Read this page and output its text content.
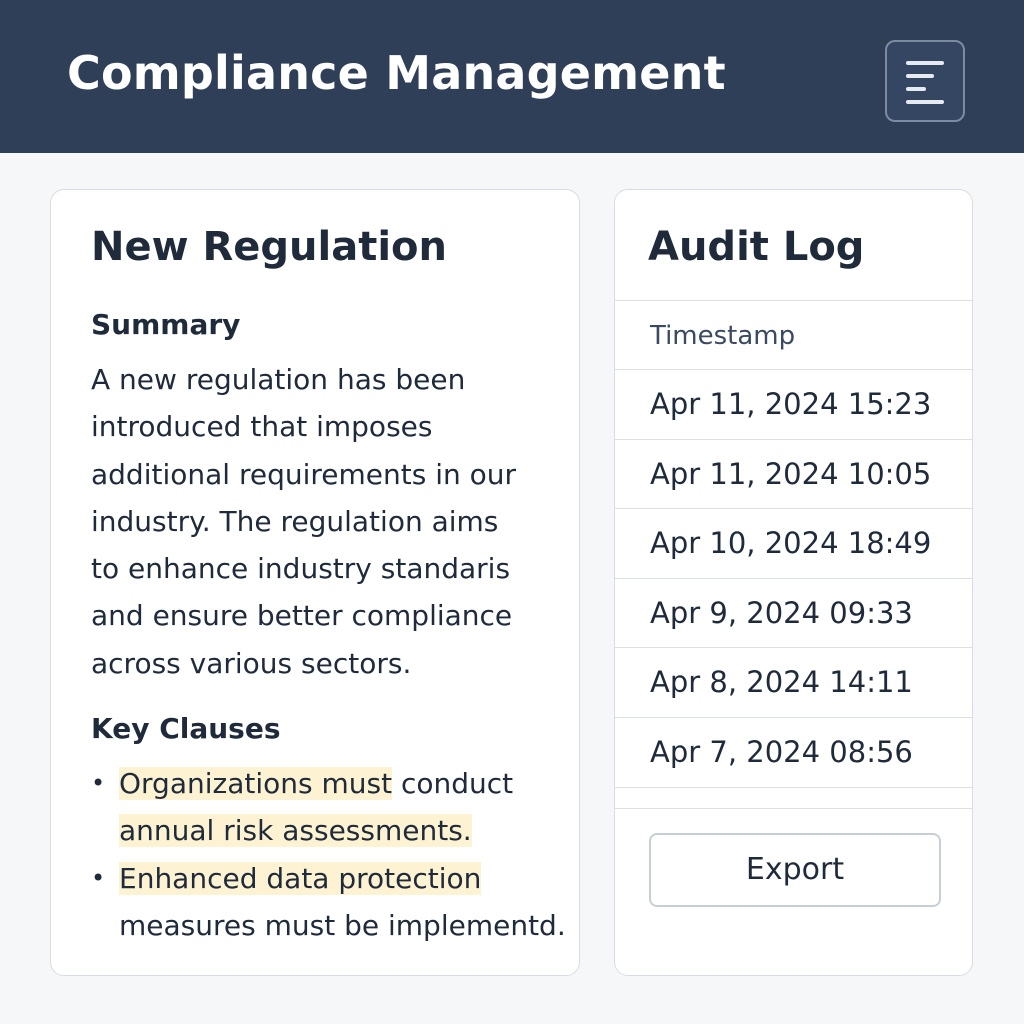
Compliance Management
New Regulation
Summary
A new regulation has been
introduced that imposes
additional requirements in our
industry. The regulation aims
to enhance industry standaris
and ensure better compliance
across various sectors.
Key Clauses
• Organizations must conduct
annual risk assessments.
• Enhanced data protection
measures must be implementd.
Audit Log
Timestamp
Apr 11, 2024 15:23
Apr 11, 2024 10:05
Apr 10, 2024 18:49
Apr 9, 2024 09:33
Apr 8, 2024 14:11
Apr 7, 2024 08:56
Export
